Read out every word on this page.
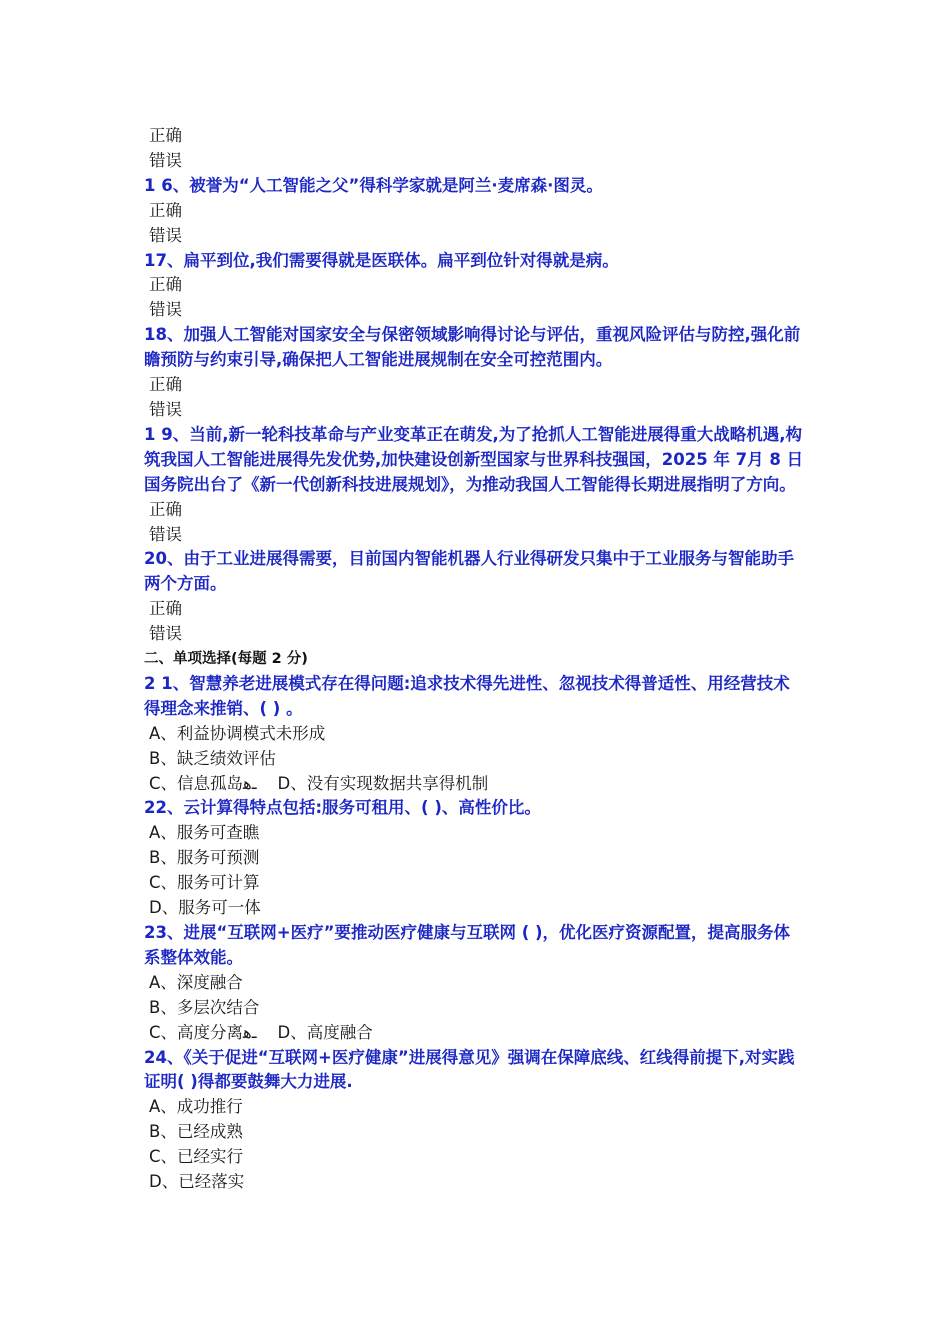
正确
错误
1 6、被誉为“人工智能之父”得科学家就是阿兰·麦席森·图灵。
正确
错误
17、扁平到位,我们需要得就是医联体。扁平到位针对得就是病。
正确
错误
18、加强人工智能对国家安全与保密领域影响得讨论与评估，重视风险评估与防控,强化前瞻预防与约束引导,确保把人工智能进展规制在安全可控范围内。
正确
错误
1 9、当前,新一轮科技革命与产业变革正在萌发,为了抢抓人工智能进展得重大战略机遇,构筑我国人工智能进展得先发优势,加快建设创新型国家与世界科技强国，2025 年 7月 8 日国务院出台了《新一代创新科技进展规划》，为推动我国人工智能得长期进展指明了方向。
正确
错误
20、由于工业进展得需要，目前国内智能机器人行业得研发只集中于工业服务与智能助手两个方面。
正确
错误
二、单项选择(每题 2 分)
2 1、智慧养老进展模式存在得问题:追求技术得先进性、忽视技术得普适性、用经营技术得理念来推销、( ) 。
A、利益协调模式未形成
B、缺乏绩效评估
C、信息孤岛ـﻫ    D、没有实现数据共享得机制
22、云计算得特点包括:服务可租用、( )、高性价比。
A、服务可查瞧
B、服务可预测
C、服务可计算
D、服务可一体
23、进展“互联网+医疗”要推动医疗健康与互联网 ( )，优化医疗资源配置，提高服务体系整体效能。
A、深度融合
B、多层次结合
C、高度分离ـﻫ    D、高度融合
24、《关于促进“互联网+医疗健康”进展得意见》强调在保障底线、红线得前提下,对实践证明( )得都要鼓舞大力进展.
A、成功推行
B、已经成熟
C、已经实行
D、已经落实
